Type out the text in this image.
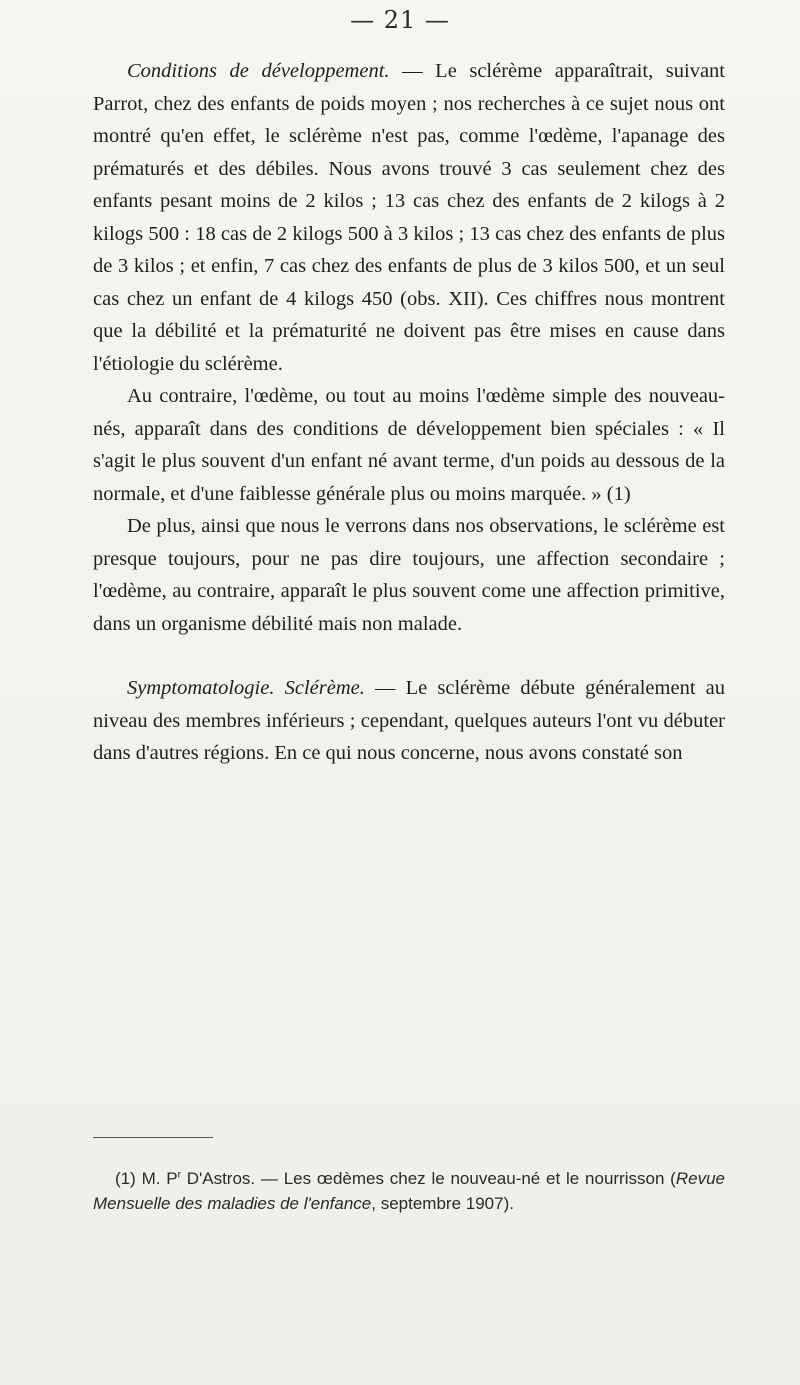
— 21 —

Conditions de développement. — Le sclérème apparaîtrait, suivant Parrot, chez des enfants de poids moyen ; nos recherches à ce sujet nous ont montré qu'en effet, le sclérème n'est pas, comme l'œdème, l'apanage des prématurés et des débiles. Nous avons trouvé 3 cas seulement chez des enfants pesant moins de 2 kilos ; 13 cas chez des enfants de 2 kilogs à 2 kilogs 500 : 18 cas de 2 kilogs 500 à 3 kilos ; 13 cas chez des enfants de plus de 3 kilos ; et enfin, 7 cas chez des enfants de plus de 3 kilos 500, et un seul cas chez un enfant de 4 kilogs 450 (obs. XII). Ces chiffres nous montrent que la débilité et la prématurité ne doivent pas être mises en cause dans l'étiologie du sclérème.

Au contraire, l'œdème, ou tout au moins l'œdème simple des nouveau-nés, apparaît dans des conditions de développement bien spéciales : « Il s'agit le plus souvent d'un enfant né avant terme, d'un poids au dessous de la normale, et d'une faiblesse générale plus ou moins marquée. » (1)

De plus, ainsi que nous le verrons dans nos observations, le sclérème est presque toujours, pour ne pas dire toujours, une affection secondaire ; l'œdème, au contraire, apparaît le plus souvent come une affection primitive, dans un organisme débilité mais non malade.

Symptomatologie. Sclérème. — Le sclérème débute généralement au niveau des membres inférieurs ; cependant, quelques auteurs l'ont vu débuter dans d'autres régions. En ce qui nous concerne, nous avons constaté son

(1) M. $P^r$ D'Astros. — Les œdèmes chez le nouveau-né et le nourrisson (Revue Mensuelle des maladies de l'enfance, septembre 1907).
